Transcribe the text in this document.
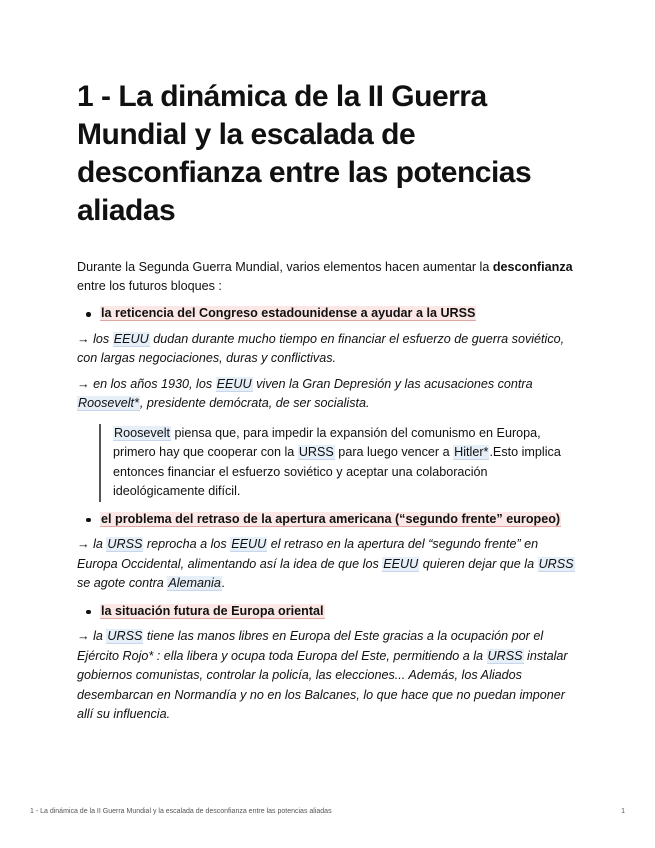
1 - La dinámica de la II Guerra Mundial y la escalada de desconfianza entre las potencias aliadas

Durante la Segunda Guerra Mundial, varios elementos hacen aumentar la desconfianza entre los futuros bloques :

la reticencia del Congreso estadounidense a ayudar a la URSS
→ los EEUU dudan durante mucho tiempo en financiar el esfuerzo de guerra soviético, con largas negociaciones, duras y conflictivas.
→ en los años 1930, los EEUU viven la Gran Depresión y las acusaciones contra Roosevelt*, presidente demócrata, de ser socialista.
Roosevelt piensa que, para impedir la expansión del comunismo en Europa, primero hay que cooperar con la URSS para luego vencer a Hitler*.Esto implica entonces financiar el esfuerzo soviético y aceptar una colaboración ideológicamente difícil.
el problema del retraso de la apertura americana (“segundo frente” europeo)
→ la URSS reprocha a los EEUU el retraso en la apertura del “segundo frente” en Europa Occidental, alimentando así la idea de que los EEUU quieren dejar que la URSS se agote contra Alemania.
la situación futura de Europa oriental
→ la URSS tiene las manos libres en Europa del Este gracias a la ocupación por el Ejército Rojo* : ella libera y ocupa toda Europa del Este, permitiendo a la URSS instalar gobiernos comunistas, controlar la policía, las elecciones... Además, los Aliados desembarcan en Normandía y no en los Balcanes, lo que hace que no puedan imponer allí su influencia.
1 - La dinámica de la II Guerra Mundial y la escalada de desconfianza entre las potencias aliadas	1
